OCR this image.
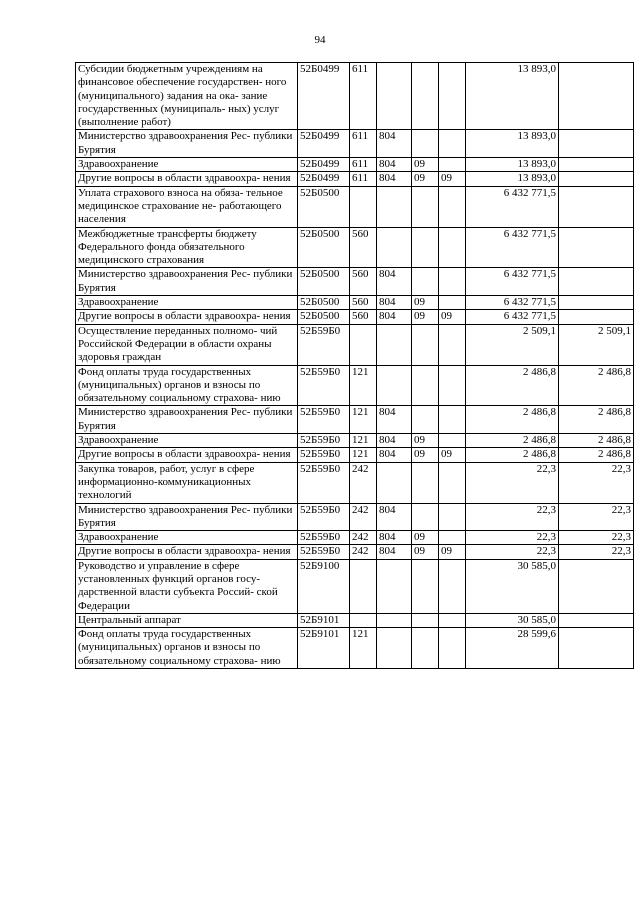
94
Субсидии бюджетным учреждениям на финансовое обеспечение государствен- ного (муниципального) задания на ока- зание государственных (муниципаль- ных) услуг (выполнение работ)	52Б0499	611				13 893,0	
Министерство здравоохранения Рес- публики Бурятия	52Б0499	611	804			13 893,0	
Здравоохранение	52Б0499	611	804	09		13 893,0	
Другие вопросы в области здравоохра- нения	52Б0499	611	804	09	09	13 893,0	
Уплата страхового взноса на обяза- тельное медицинское страхование не- работающего населения	52Б0500					6 432 771,5	
Межбюджетные трансферты бюджету Федерального фонда обязательного медицинского страхования	52Б0500	560				6 432 771,5	
Министерство здравоохранения Рес- публики Бурятия	52Б0500	560	804			6 432 771,5	
Здравоохранение	52Б0500	560	804	09		6 432 771,5	
Другие вопросы в области здравоохра- нения	52Б0500	560	804	09	09	6 432 771,5	
Осуществление переданных полномо- чий Российской Федерации в области охраны здоровья граждан	52Б59Б0					2 509,1	2 509,1
Фонд оплаты труда государственных (муниципальных) органов и взносы по обязательному социальному страхова- нию	52Б59Б0	121				2 486,8	2 486,8
Министерство здравоохранения Рес- публики Бурятия	52Б59Б0	121	804			2 486,8	2 486,8
Здравоохранение	52Б59Б0	121	804	09		2 486,8	2 486,8
Другие вопросы в области здравоохра- нения	52Б59Б0	121	804	09	09	2 486,8	2 486,8
Закупка товаров, работ, услуг в сфере информационно-коммуникационных технологий	52Б59Б0	242				22,3	22,3
Министерство здравоохранения Рес- публики Бурятия	52Б59Б0	242	804			22,3	22,3
Здравоохранение	52Б59Б0	242	804	09		22,3	22,3
Другие вопросы в области здравоохра- нения	52Б59Б0	242	804	09	09	22,3	22,3
Руководство и управление в сфере установленных функций органов госу- дарственной власти субъекта Россий- ской Федерации	52Б9100					30 585,0	
Центральный аппарат	52Б9101					30 585,0	
Фонд оплаты труда государственных (муниципальных) органов и взносы по обязательному социальному страхова- нию	52Б9101	121				28 599,6	
